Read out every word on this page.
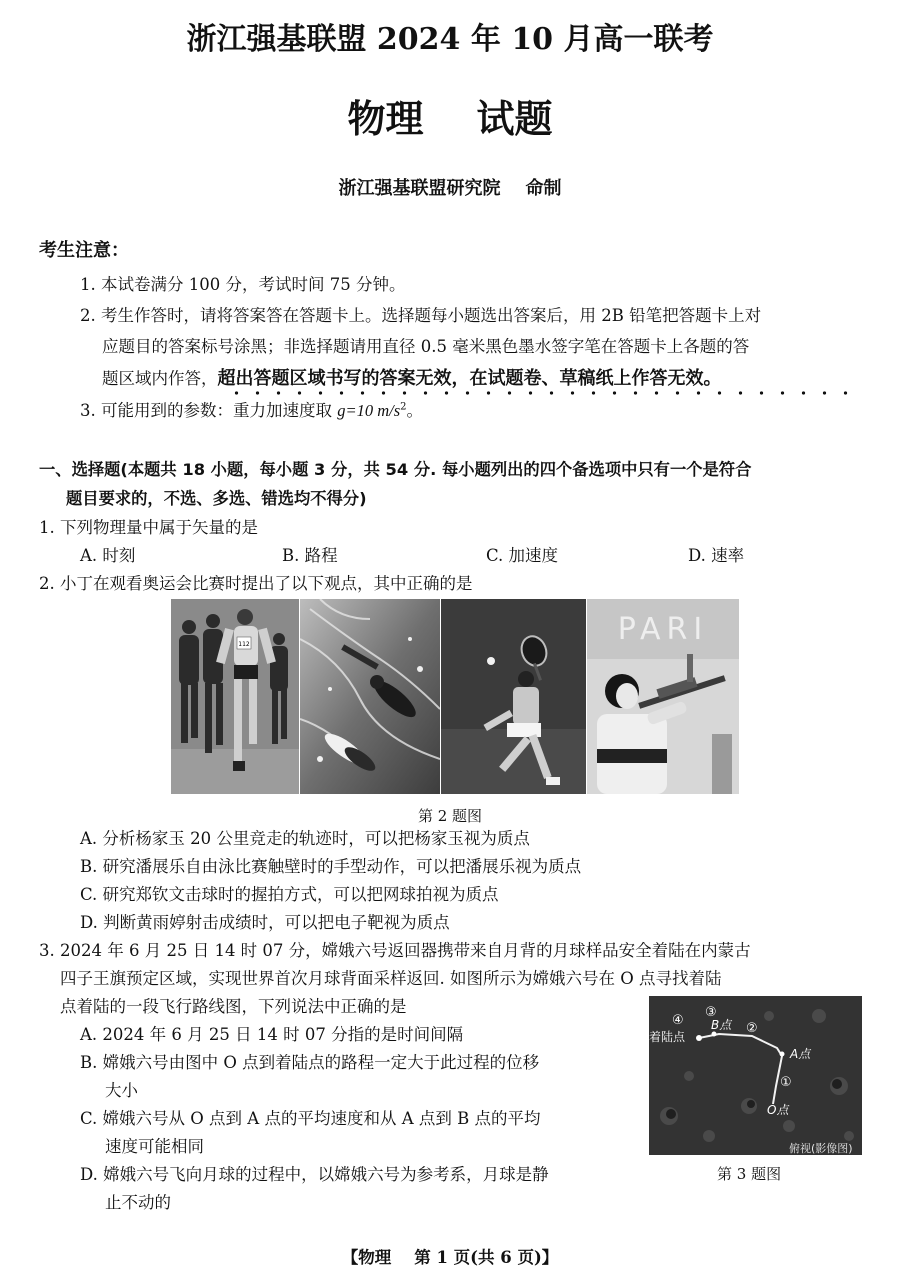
浙江强基联盟 2024 年 10 月高一联考
物理    试题
浙江强基联盟研究院    命制
考生注意：
1. 本试卷满分 100 分，考试时间 75 分钟。
2. 考生作答时，请将答案答在答题卡上。选择题每小题选出答案后，用 2B 铅笔把答题卡上对
应题目的答案标号涂黑；非选择题请用直径 0.5 毫米黑色墨水签字笔在答题卡上各题的答
题区域内作答，超出答题区域书写的答案无效，在试题卷、草稿纸上作答无效。
3. 可能用到的参数：重力加速度取 g=10 $m/s^2$。
一、选择题(本题共 18 小题，每小题 3 分，共 54 分. 每小题列出的四个备选项中只有一个是符合
题目要求的，不选、多选、错选均不得分)
1. 下列物理量中属于矢量的是
A. 时刻	B. 路程	C. 加速度	D. 速率
2. 小丁在观看奥运会比赛时提出了以下观点，其中正确的是
112	PARI
第 2 题图
A. 分析杨家玉 20 公里竞走的轨迹时，可以把杨家玉视为质点
B. 研究潘展乐自由泳比赛触壁时的手型动作，可以把潘展乐视为质点
C. 研究郑钦文击球时的握拍方式，可以把网球拍视为质点
D. 判断黄雨婷射击成绩时，可以把电子靶视为质点
3. 2024 年 6 月 25 日 14 时 07 分，嫦娥六号返回器携带来自月背的月球样品安全着陆在内蒙古
四子王旗预定区域，实现世界首次月球背面采样返回. 如图所示为嫦娥六号在 O 点寻找着陆
点着陆的一段飞行路线图，下列说法中正确的是
A. 2024 年 6 月 25 日 14 时 07 分指的是时间间隔
B. 嫦娥六号由图中 O 点到着陆点的路程一定大于此过程的位移
大小
C. 嫦娥六号从 O 点到 A 点的平均速度和从 A 点到 B 点的平均
速度可能相同
D. 嫦娥六号飞向月球的过程中，以嫦娥六号为参考系，月球是静
止不动的
着陆点
B点
A点
O点
俯视(影像图)
①
②
③
④
第 3 题图
【物理    第 1 页(共 6 页)】
